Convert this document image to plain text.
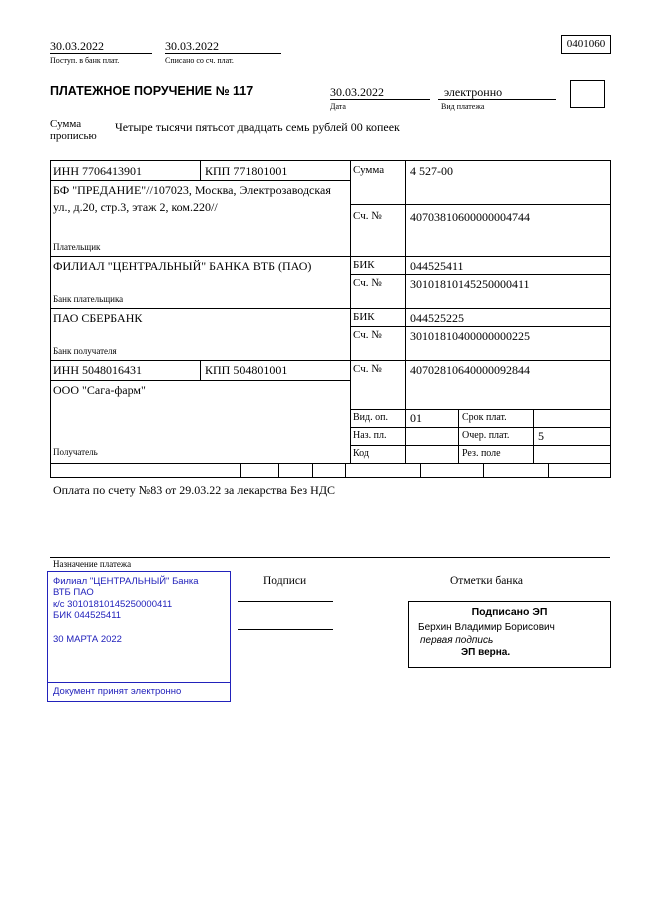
30.03.2022	30.03.2022
Поступ. в банк плат.	Списано со сч. плат.
0401060
ПЛАТЕЖНОЕ ПОРУЧЕНИЕ № 117	30.03.2022
Дата
электронно
Вид платежа
Сумма
прописью
Четыре тысячи пятьсот двадцать семь рублей 00 копеек
ИНН 7706413901	КПП 771801001	Сумма 4 527-00
БФ "ПРЕДАНИЕ"//107023, Москва, Электрозаводская ул., д.20, стр.3, этаж 2, ком.220//
Сч. № 40703810600000004744
Плательщик
ФИЛИАЛ "ЦЕНТРАЛЬНЫЙ" БАНКА ВТБ (ПАО)	БИК	044525411
Сч. № 30101810145250000411
Банк плательщика
ПАО СБЕРБАНК	БИК	044525225
Сч. № 30101810400000000225
Банк получателя
ИНН 5048016431	КПП 504801001	Сч. № 40702810640000092844
ООО "Сага-фарм"
Получатель
Вид. оп. 01	Срок плат.
Наз. пл.	Очер. плат. 5
Код	Рез. поле
Оплата по счету №83 от 29.03.22 за лекарства Без НДС
Назначение платежа
Подписи	Отметки банка
Филиал "ЦЕНТРАЛЬНЫЙ" Банка ВТБ ПАО
к/с 30101810145250000411
БИК 044525411
30 МАРТА 2022
Документ принят электронно
Подписано ЭП
Берхин Владимир Борисович
первая подпись
ЭП верна.
